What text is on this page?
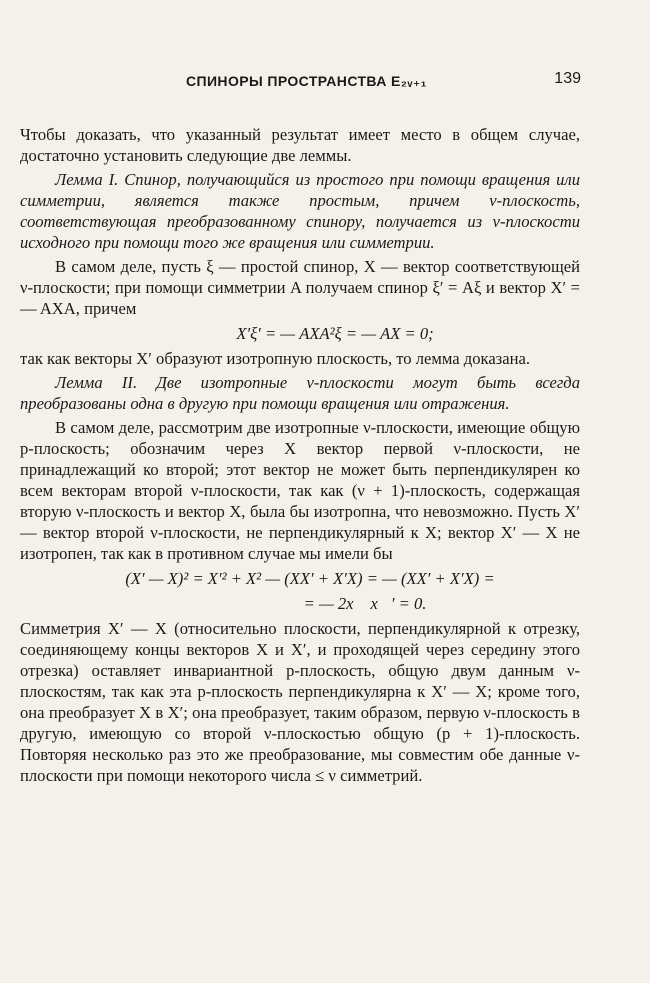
СПИНОРЫ ПРОСТРАНСТВА E₂ᵥ₊₁	139

Чтобы доказать, что указанный результат имеет место в общем случае, достаточно установить следующие две леммы.

Лемма I. Спинор, получающийся из простого при помощи вращения или симметрии, является также простым, причем ν-плоскость, соответствующая преобразованному спинору, получается из ν-плоскости исходного при помощи того же вращения или симметрии.

В самом деле, пусть ξ — простой спинор, X — вектор соответствующей ν-плоскости; при помощи симметрии A получаем спинор ξ′ = Aξ и вектор X′ = — AXA, причем

X′ξ′ = — AXA²ξ = — AX = 0;

так как векторы X′ образуют изотропную плоскость, то лемма доказана.

Лемма II. Две изотропные ν-плоскости могут быть всегда преобразованы одна в другую при помощи вращения или отражения.

В самом деле, рассмотрим две изотропные ν-плоскости, имеющие общую p-плоскость; обозначим через X вектор первой ν-плоскости, не принадлежащий ко второй; этот вектор не может быть перпендикулярен ко всем векторам второй ν-плоскости, так как (ν + 1)-плоскость, содержащая вторую ν-плоскость и вектор X, была бы изотропна, что невозможно. Пусть X′ — вектор второй ν-плоскости, не перпендикулярный к X; вектор X′ — X не изотропен, так как в противном случае мы имели бы

(X′ — X)² = X′² + X² — (XX′ + X′X) = — (XX′ + X′X) =

= — 2x⃗ x⃗′ = 0.

Симметрия X′ — X (относительно плоскости, перпендикулярной к отрезку, соединяющему концы векторов X и X′, и проходящей через середину этого отрезка) оставляет инвариантной p-плоскость, общую двум данным ν-плоскостям, так как эта p-плоскость перпендикулярна к X′ — X; кроме того, она преобразует X в X′; она преобразует, таким образом, первую ν-плоскость в другую, имеющую со второй ν-плоскостью общую (p + 1)-плоскость. Повторяя несколько раз это же преобразование, мы совместим обе данные ν-плоскости при помощи некоторого числа ≤ ν симметрий.
